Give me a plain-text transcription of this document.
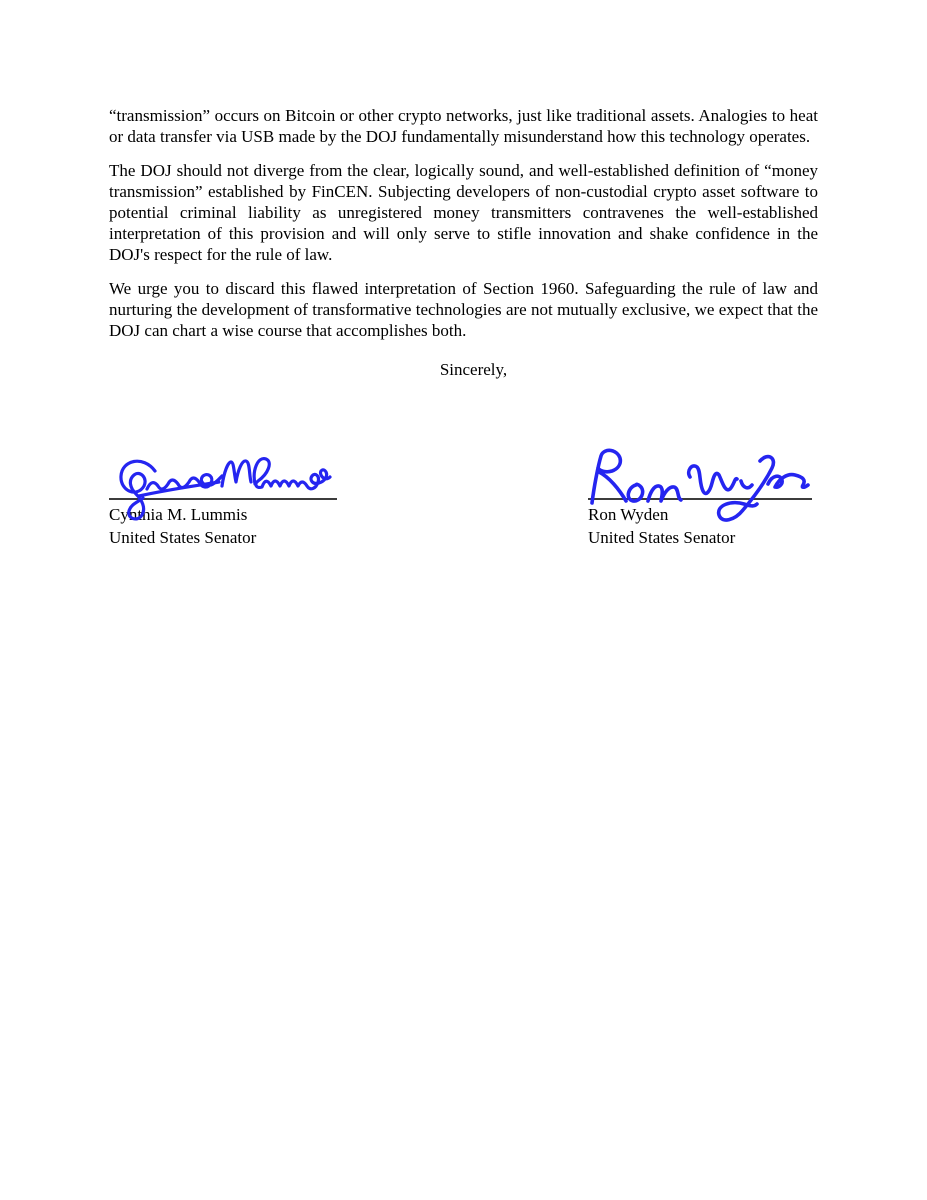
“transmission” occurs on Bitcoin or other crypto networks, just like traditional assets. Analogies to heat or data transfer via USB made by the DOJ fundamentally misunderstand how this technology operates.

The DOJ should not diverge from the clear, logically sound, and well-established definition of “money transmission” established by FinCEN. Subjecting developers of non-custodial crypto asset software to potential criminal liability as unregistered money transmitters contravenes the well-established interpretation of this provision and will only serve to stifle innovation and shake confidence in the DOJ's respect for the rule of law.

We urge you to discard this flawed interpretation of Section 1960. Safeguarding the rule of law and nurturing the development of transformative technologies are not mutually exclusive, we expect that the DOJ can chart a wise course that accomplishes both.

Sincerely,

Cynthia M. Lummis
United States Senator
Ron Wyden
United States Senator
